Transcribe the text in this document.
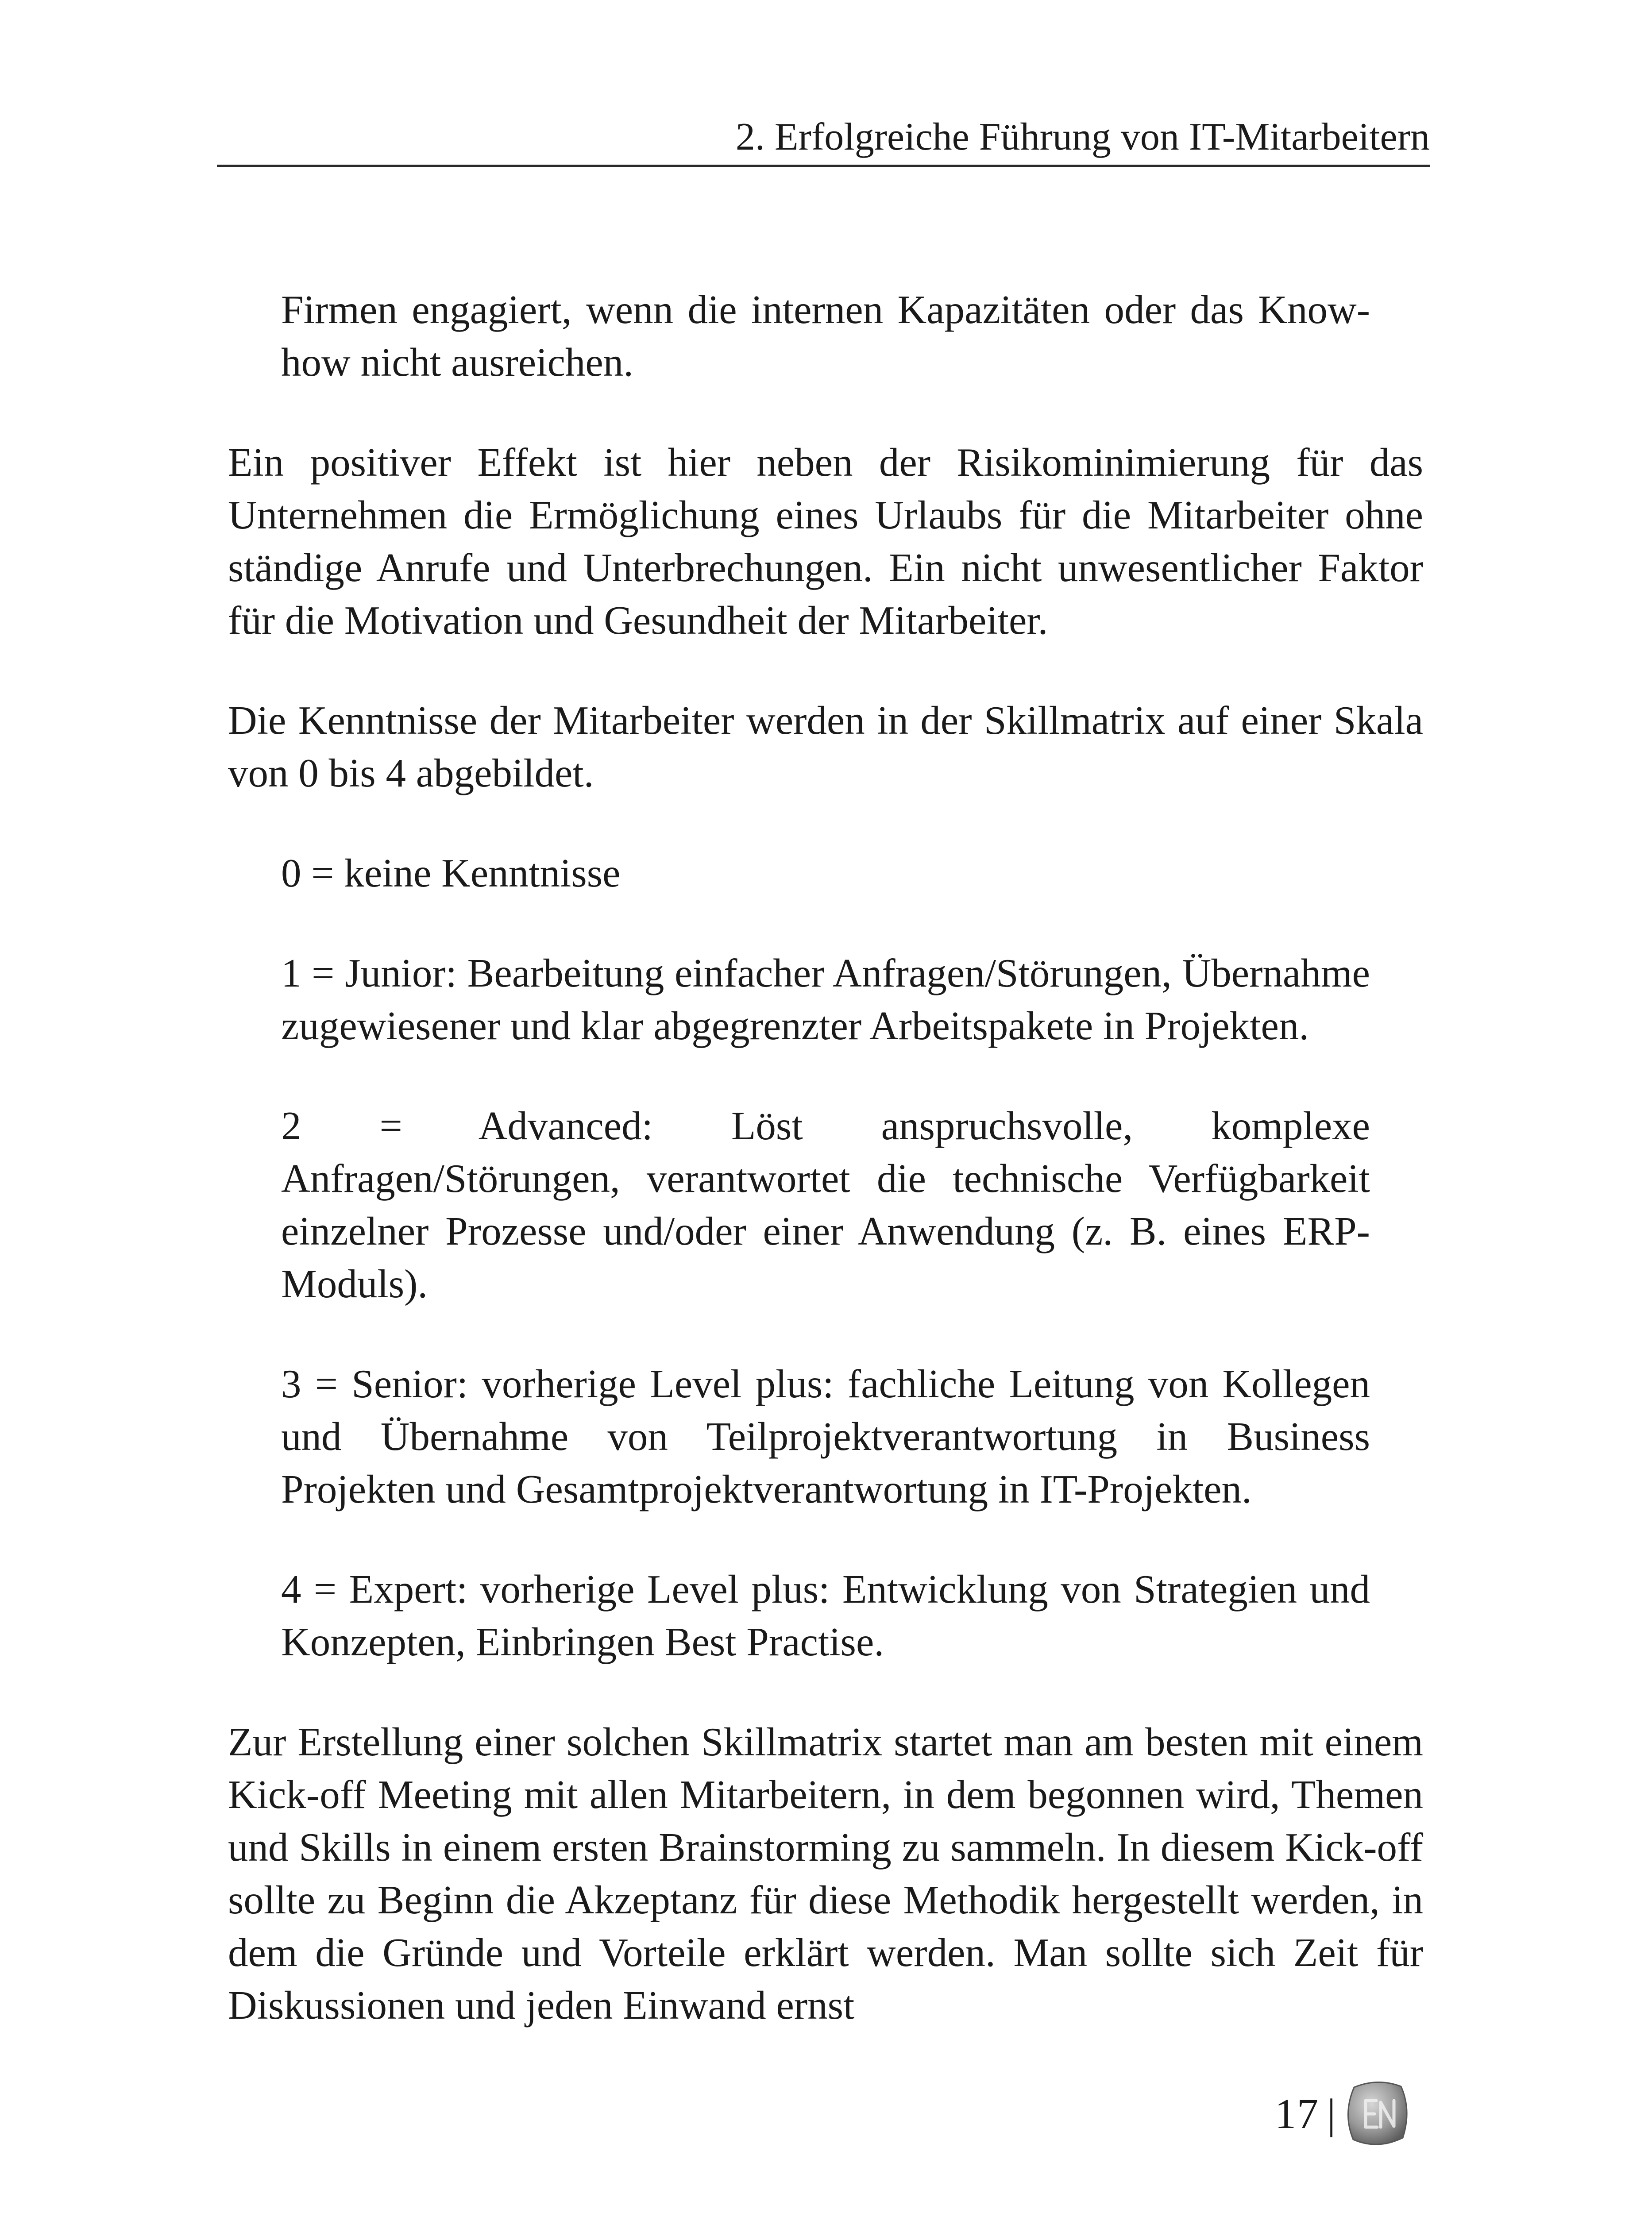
2. Erfolgreiche Führung von IT-Mitarbeitern

Firmen engagiert, wenn die internen Kapazitäten oder das Know-how nicht ausreichen.

Ein positiver Effekt ist hier neben der Risikominimierung für das Unternehmen die Ermöglichung eines Urlaubs für die Mitarbeiter ohne ständige Anrufe und Unterbrechungen. Ein nicht unwesentlicher Faktor für die Motivation und Gesundheit der Mitarbeiter.

Die Kenntnisse der Mitarbeiter werden in der Skillmatrix auf einer Skala von 0 bis 4 abgebildet.

0 = keine Kenntnisse

1 = Junior: Bearbeitung einfacher Anfragen/Störungen, Übernahme zugewiesener und klar abgegrenzter Arbeitspakete in Projekten.

2 = Advanced: Löst anspruchsvolle, komplexe Anfragen/Störungen, verantwortet die technische Verfügbarkeit einzelner Prozesse und/oder einer Anwendung (z. B. eines ERP-Moduls).

3 = Senior: vorherige Level plus: fachliche Leitung von Kollegen und Übernahme von Teilprojektverantwortung in Business Projekten und Gesamtprojektverantwortung in IT-Projekten.

4 = Expert: vorherige Level plus: Entwicklung von Strategien und Konzepten, Einbringen Best Practise.

Zur Erstellung einer solchen Skillmatrix startet man am besten mit einem Kick-off Meeting mit allen Mitarbeitern, in dem begonnen wird, Themen und Skills in einem ersten Brainstorming zu sammeln. In diesem Kick-off sollte zu Beginn die Akzeptanz für diese Methodik hergestellt werden, in dem die Gründe und Vorteile erklärt werden. Man sollte sich Zeit für Diskussionen und jeden Einwand ernst

17 |
